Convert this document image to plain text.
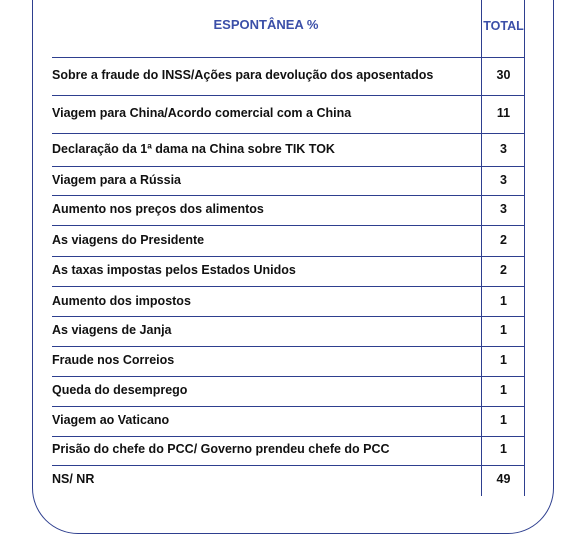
ESPONTÂNEA %	TOTAL
Sobre a fraude do INSS/Ações para devolução dos aposentados	30
Viagem para China/Acordo comercial com a China	11
Declaração da 1ª dama na China sobre TIK TOK	3
Viagem para a Rússia	3
Aumento nos preços dos alimentos	3
As viagens do Presidente	2
As taxas impostas pelos Estados Unidos	2
Aumento dos impostos	1
As viagens de Janja	1
Fraude nos Correios	1
Queda do desemprego	1
Viagem ao Vaticano	1
Prisão do chefe do PCC/ Governo prendeu chefe do PCC	1
NS/ NR	49
